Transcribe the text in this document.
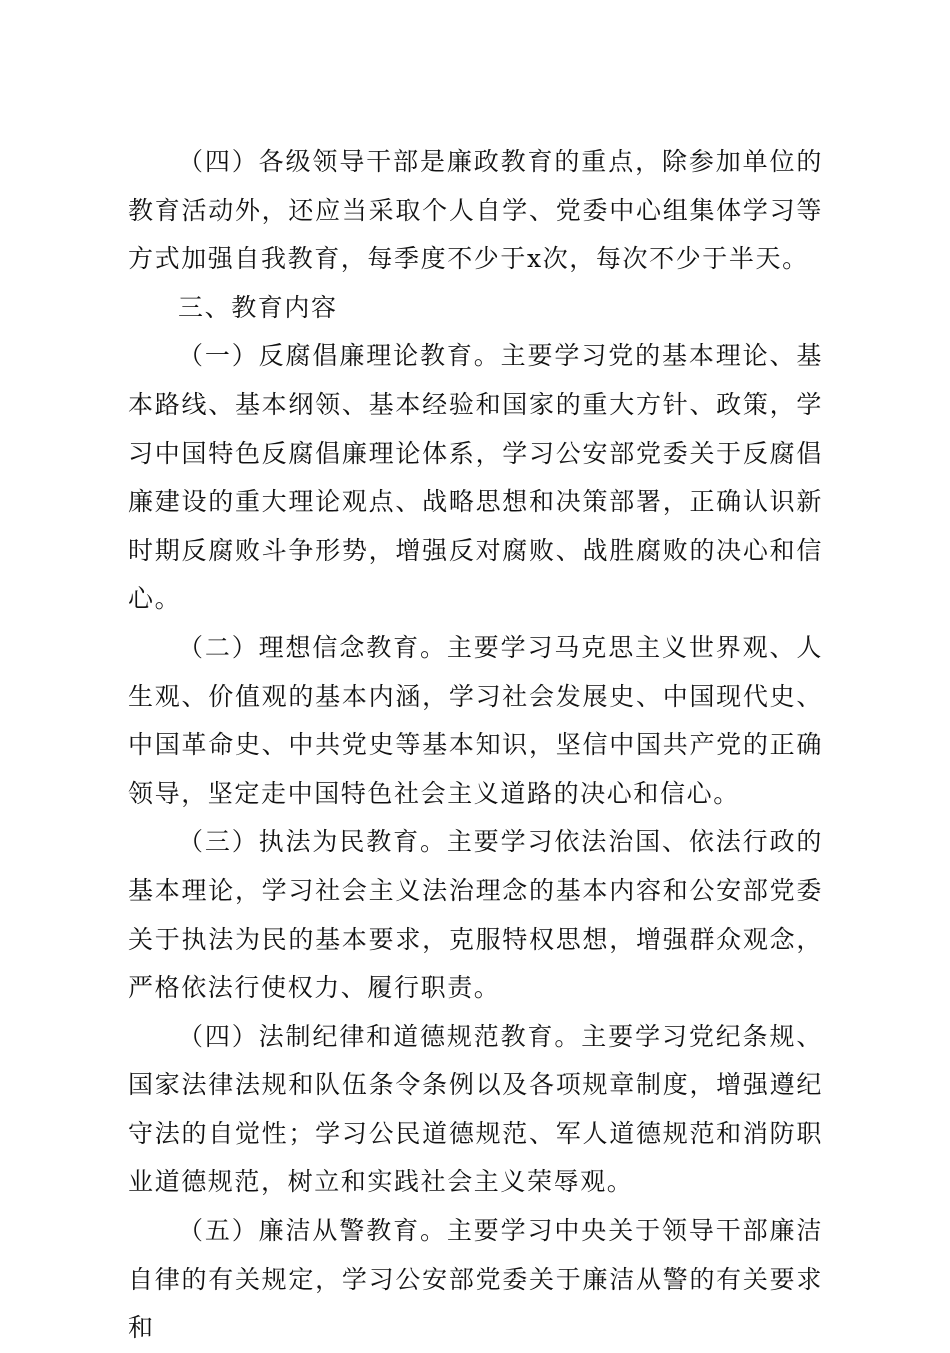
（四）各级领导干部是廉政教育的重点，除参加单位的教育活动外，还应当采取个人自学、党委中心组集体学习等方式加强自我教育，每季度不少于x次，每次不少于半天。

三、教育内容

（一）反腐倡廉理论教育。主要学习党的基本理论、基本路线、基本纲领、基本经验和国家的重大方针、政策，学习中国特色反腐倡廉理论体系，学习公安部党委关于反腐倡廉建设的重大理论观点、战略思想和决策部署，正确认识新时期反腐败斗争形势，增强反对腐败、战胜腐败的决心和信心。

（二）理想信念教育。主要学习马克思主义世界观、人生观、价值观的基本内涵，学习社会发展史、中国现代史、中国革命史、中共党史等基本知识，坚信中国共产党的正确领导，坚定走中国特色社会主义道路的决心和信心。

（三）执法为民教育。主要学习依法治国、依法行政的基本理论，学习社会主义法治理念的基本内容和公安部党委关于执法为民的基本要求，克服特权思想，增强群众观念，严格依法行使权力、履行职责。

（四）法制纪律和道德规范教育。主要学习党纪条规、国家法律法规和队伍条令条例以及各项规章制度，增强遵纪守法的自觉性；学习公民道德规范、军人道德规范和消防职业道德规范，树立和实践社会主义荣辱观。

（五）廉洁从警教育。主要学习中央关于领导干部廉洁自律的有关规定，学习公安部党委关于廉洁从警的有关要求和
